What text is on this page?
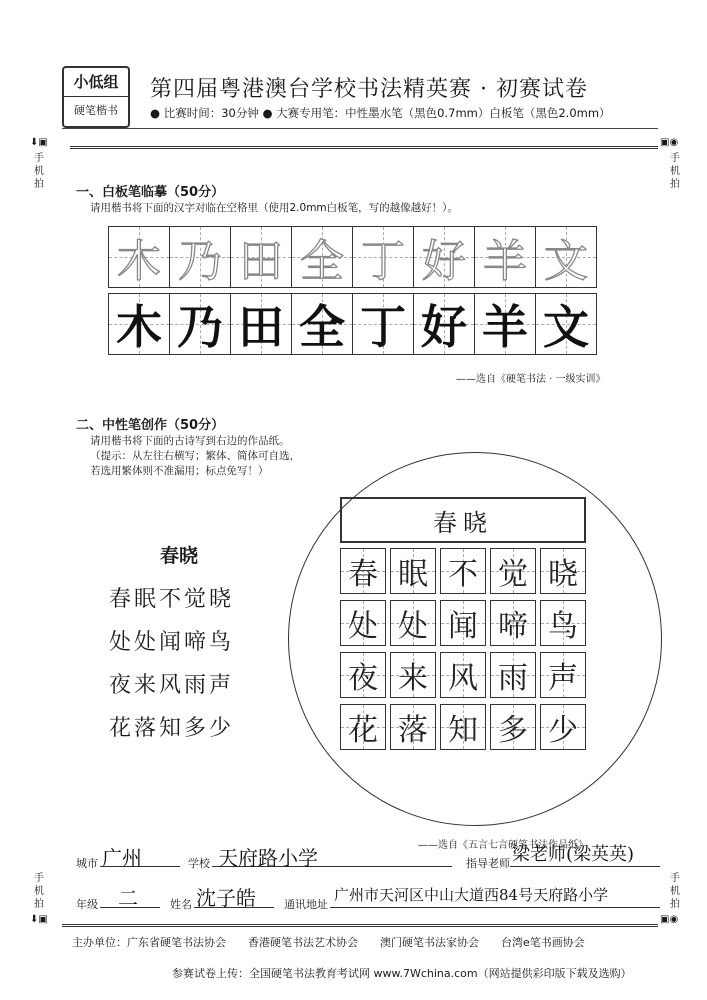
小低组
硬笔楷书
第四届粤港澳台学校书法精英赛 · 初赛试卷
● 比赛时间：30分钟 ● 大赛专用笔：中性墨水笔（黑色0.7mm）白板笔（黑色2.0mm）
⬇▣
手机拍
▣◉
手机拍
手机拍
⬇▣
手机拍
▣◉
一、白板笔临摹（50分）
请用楷书将下面的汉字对临在空格里（使用2.0mm白板笔，写的越像越好！）。
木 乃 田 全 丁 好 羊 文
木 乃 田 全 丁 好 羊 文
——选自《硬笔书法 · 一级实训》
二、中性笔创作（50分）
请用楷书将下面的古诗写到右边的作品纸。
（提示：从左往右横写；繁体、简体可自选，
若选用繁体则不准漏用；标点免写！）
春晓
春眠不觉晓
处处闻啼鸟
夜来风雨声
花落知多少
春晓
春 眠 不 觉 晓
处 处 闻 啼 鸟
夜 来 风 雨 声
花 落 知 多 少
——选自《五言七言硬笔书法作品纸》
城市 广州	学校 天府路小学	指导老师 梁老师(梁英英)
年级 二	姓名 沈子皓	通讯地址
广州市天河区中山大道西84号天府路小学
主办单位：广东省硬笔书法协会　　香港硬笔书法艺术协会　　澳门硬笔书法家协会　　台湾e笔书画协会
参赛试卷上传：全国硬笔书法教育考试网 www.7Wchina.com（网站提供彩印版下载及选购）
